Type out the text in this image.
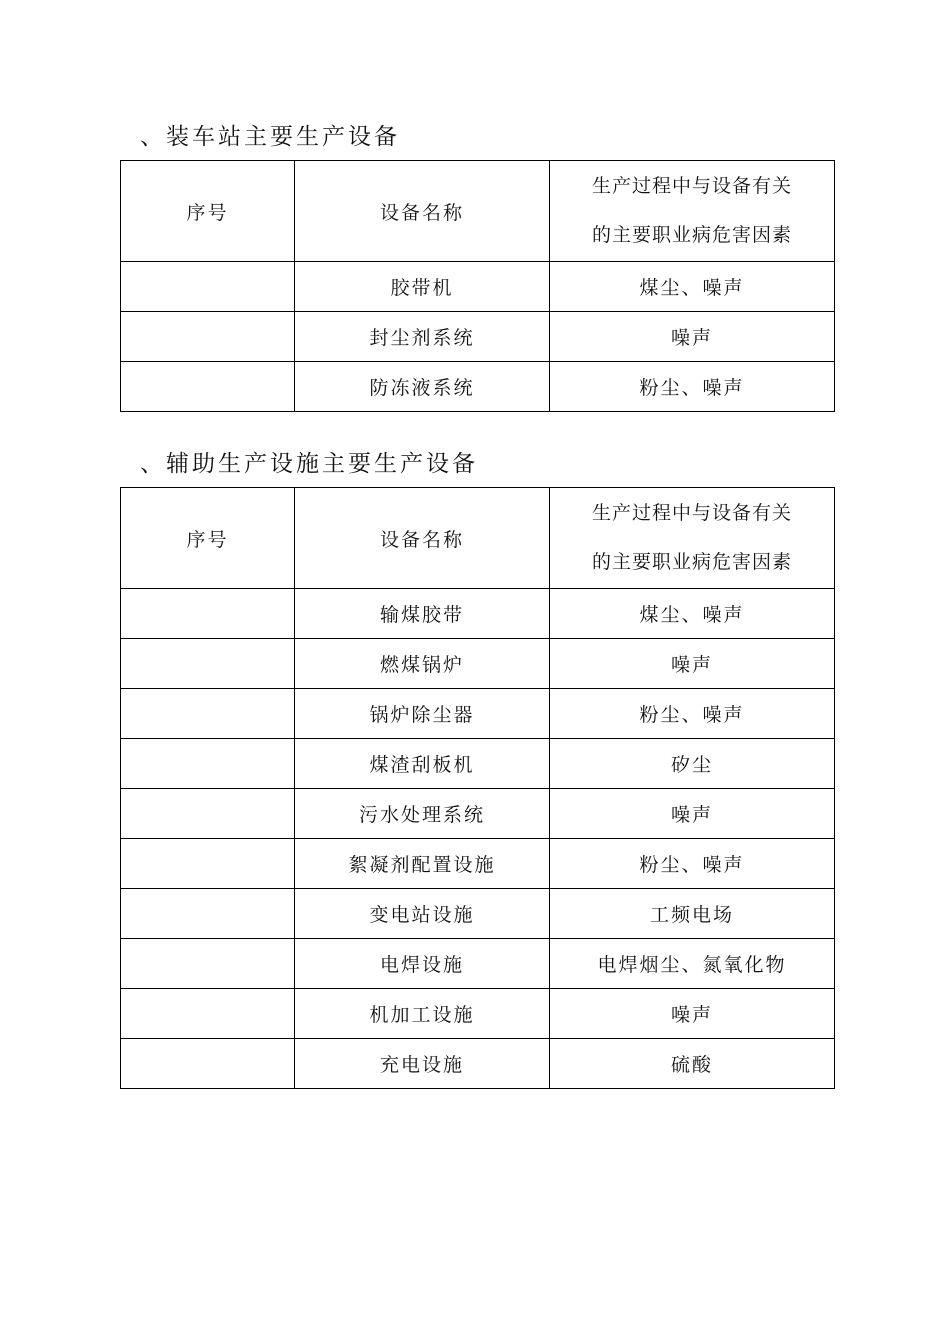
、装车站主要生产设备
序号	设备名称	生产过程中与设备有关
的主要职业病危害因素

	胶带机	煤尘、噪声
	封尘剂系统	噪声
	防冻液系统	粉尘、噪声
、辅助生产设施主要生产设备
序号	设备名称	生产过程中与设备有关
的主要职业病危害因素

	输煤胶带	煤尘、噪声
	燃煤锅炉	噪声
	锅炉除尘器	粉尘、噪声
	煤渣刮板机	矽尘
	污水处理系统	噪声
	絮凝剂配置设施	粉尘、噪声
	变电站设施	工频电场
	电焊设施	电焊烟尘、氮氧化物
	机加工设施	噪声
	充电设施	硫酸
